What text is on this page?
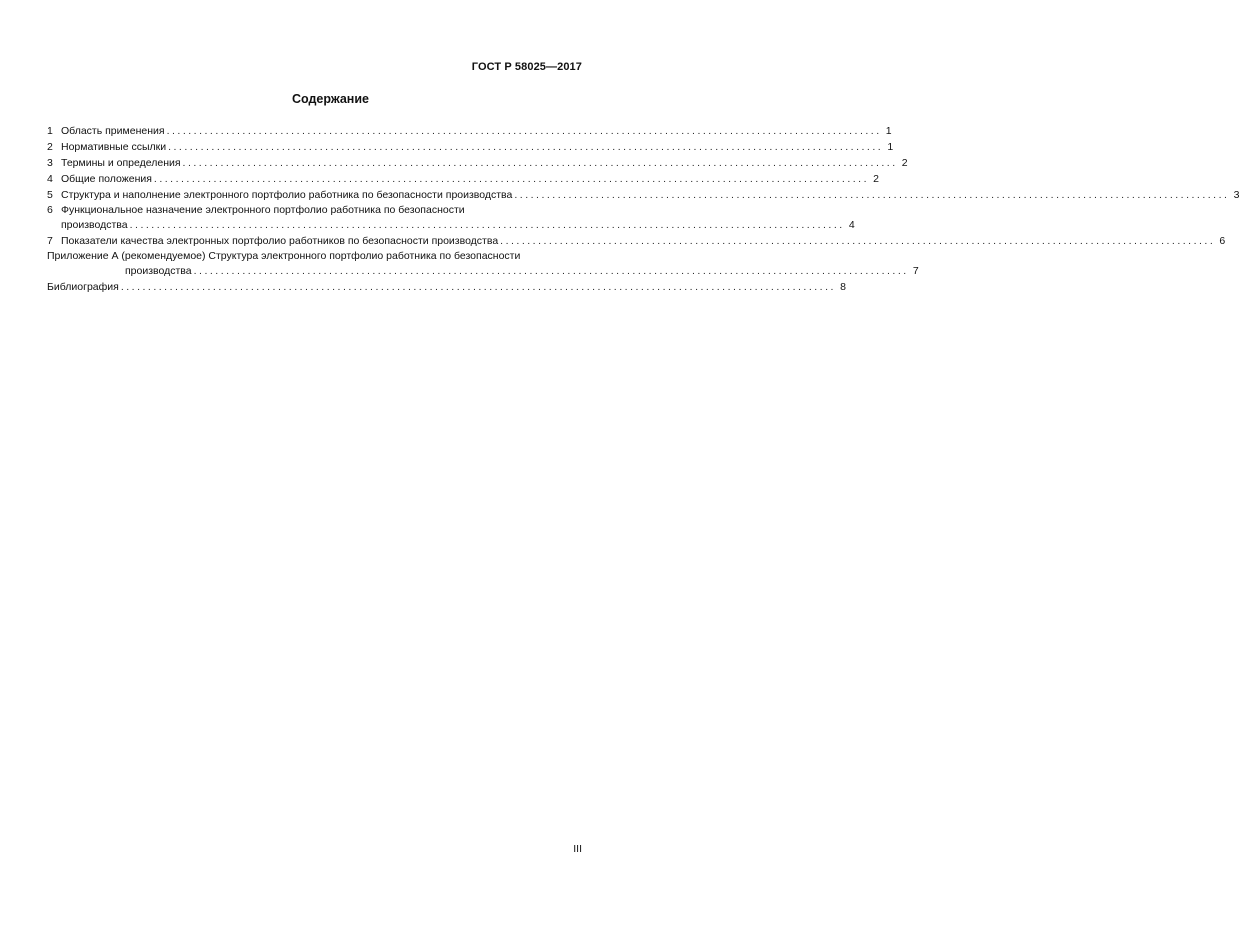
ГОСТ Р 58025—2017
Содержание
1 Область применения .................................................................................................................................... 1
2 Нормативные ссылки .................................................................................................................................... 1
3 Термины и определения .................................................................................................................................... 2
4 Общие положения .................................................................................................................................... 2
5 Структура и наполнение электронного портфолио работника по безопасности производства .................................................................................................................................... 3
6 Функциональное назначение электронного портфолио работника по безопасности
производства .................................................................................................................................... 4
7 Показатели качества электронных портфолио работников по безопасности производства .................................................................................................................................... 6
Приложение А (рекомендуемое) Структура электронного портфолио работника по безопасности
производства .................................................................................................................................... 7
Библиография .................................................................................................................................... 8
III
